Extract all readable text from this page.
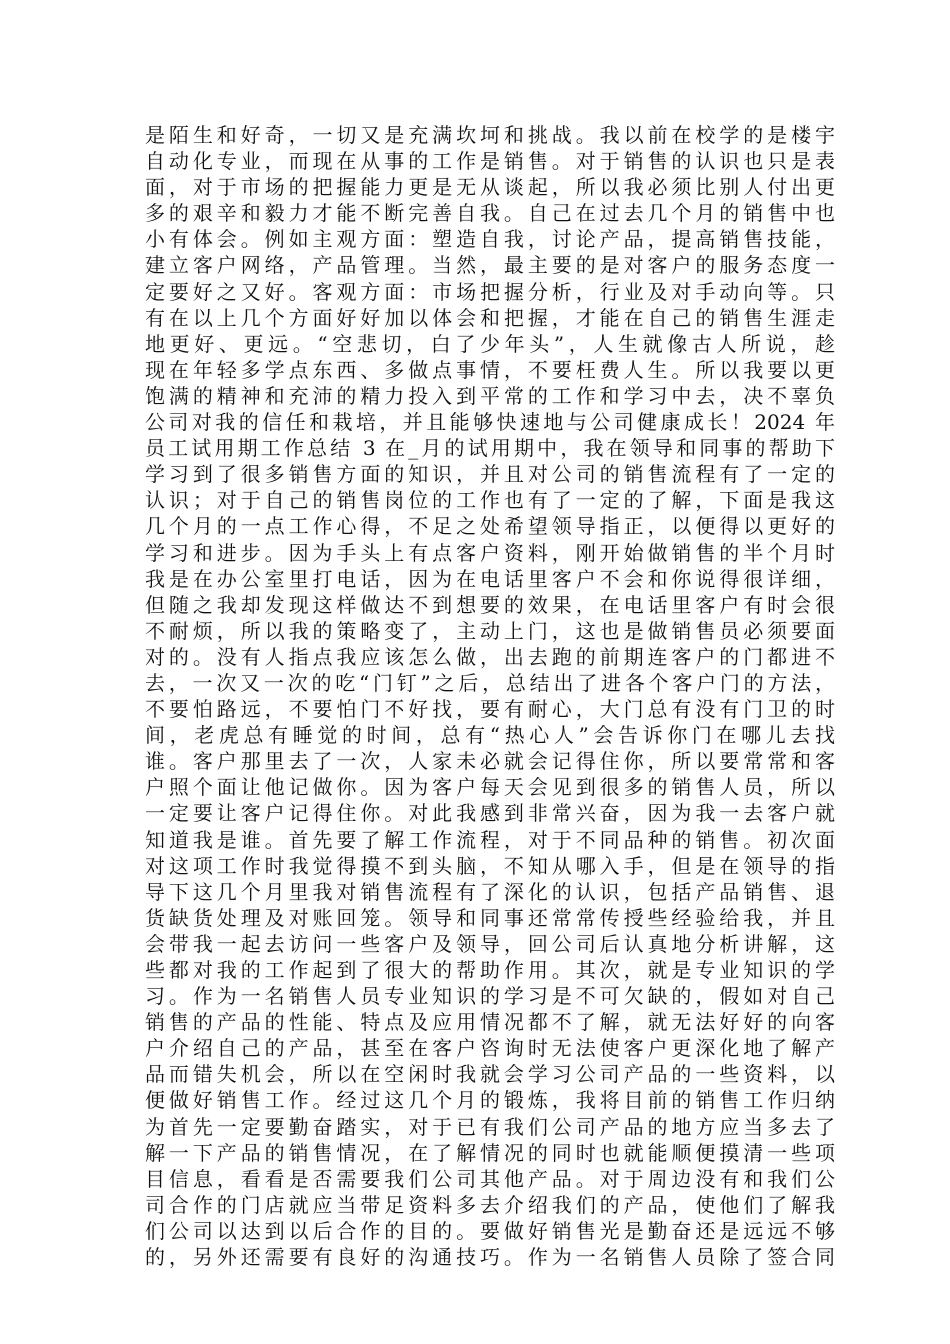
是陌生和好奇，一切又是充满坎坷和挑战。我以前在校学的是楼宇
自动化专业，而现在从事的工作是销售。对于销售的认识也只是表
面，对于市场的把握能力更是无从谈起，所以我必须比别人付出更
多的艰辛和毅力才能不断完善自我。自己在过去几个月的销售中也
小有体会。例如主观方面：塑造自我，讨论产品，提高销售技能，
建立客户网络，产品管理。当然，最主要的是对客户的服务态度一
定要好之又好。客观方面：市场把握分析，行业及对手动向等。只
有在以上几个方面好好加以体会和把握，才能在自己的销售生涯走
地更好、更远。“空悲切，白了少年头”，人生就像古人所说，趁
现在年轻多学点东西、多做点事情，不要枉费人生。所以我要以更
饱满的精神和充沛的精力投入到平常的工作和学习中去，决不辜负
公司对我的信任和栽培，并且能够快速地与公司健康成长！2024 年
员工试用期工作总结 3 在_月的试用期中，我在领导和同事的帮助下
学习到了很多销售方面的知识，并且对公司的销售流程有了一定的
认识；对于自己的销售岗位的工作也有了一定的了解，下面是我这
几个月的一点工作心得，不足之处希望领导指正，以便得以更好的
学习和进步。因为手头上有点客户资料，刚开始做销售的半个月时
我是在办公室里打电话，因为在电话里客户不会和你说得很详细，
但随之我却发现这样做达不到想要的效果，在电话里客户有时会很
不耐烦，所以我的策略变了，主动上门，这也是做销售员必须要面
对的。没有人指点我应该怎么做，出去跑的前期连客户的门都进不
去，一次又一次的吃“门钉”之后，总结出了进各个客户门的方法，
不要怕路远，不要怕门不好找，要有耐心，大门总有没有门卫的时
间，老虎总有睡觉的时间，总有“热心人”会告诉你门在哪儿去找
谁。客户那里去了一次，人家未必就会记得住你，所以要常常和客
户照个面让他记做你。因为客户每天会见到很多的销售人员，所以
一定要让客户记得住你。对此我感到非常兴奋，因为我一去客户就
知道我是谁。首先要了解工作流程，对于不同品种的销售。初次面
对这项工作时我觉得摸不到头脑，不知从哪入手，但是在领导的指
导下这几个月里我对销售流程有了深化的认识，包括产品销售、退
货缺货处理及对账回笼。领导和同事还常常传授些经验给我，并且
会带我一起去访问一些客户及领导，回公司后认真地分析讲解，这
些都对我的工作起到了很大的帮助作用。其次，就是专业知识的学
习。作为一名销售人员专业知识的学习是不可欠缺的，假如对自己
销售的产品的性能、特点及应用情况都不了解，就无法好好的向客
户介绍自己的产品，甚至在客户咨询时无法使客户更深化地了解产
品而错失机会，所以在空闲时我就会学习公司产品的一些资料，以
便做好销售工作。经过这几个月的锻炼，我将目前的销售工作归纳
为首先一定要勤奋踏实，对于已有我们公司产品的地方应当多去了
解一下产品的销售情况，在了解情况的同时也就能顺便摸清一些项
目信息，看看是否需要我们公司其他产品。对于周边没有和我们公
司合作的门店就应当带足资料多去介绍我们的产品，使他们了解我
们公司以达到以后合作的目的。要做好销售光是勤奋还是远远不够
的，另外还需要有良好的沟通技巧。作为一名销售人员除了签合同
